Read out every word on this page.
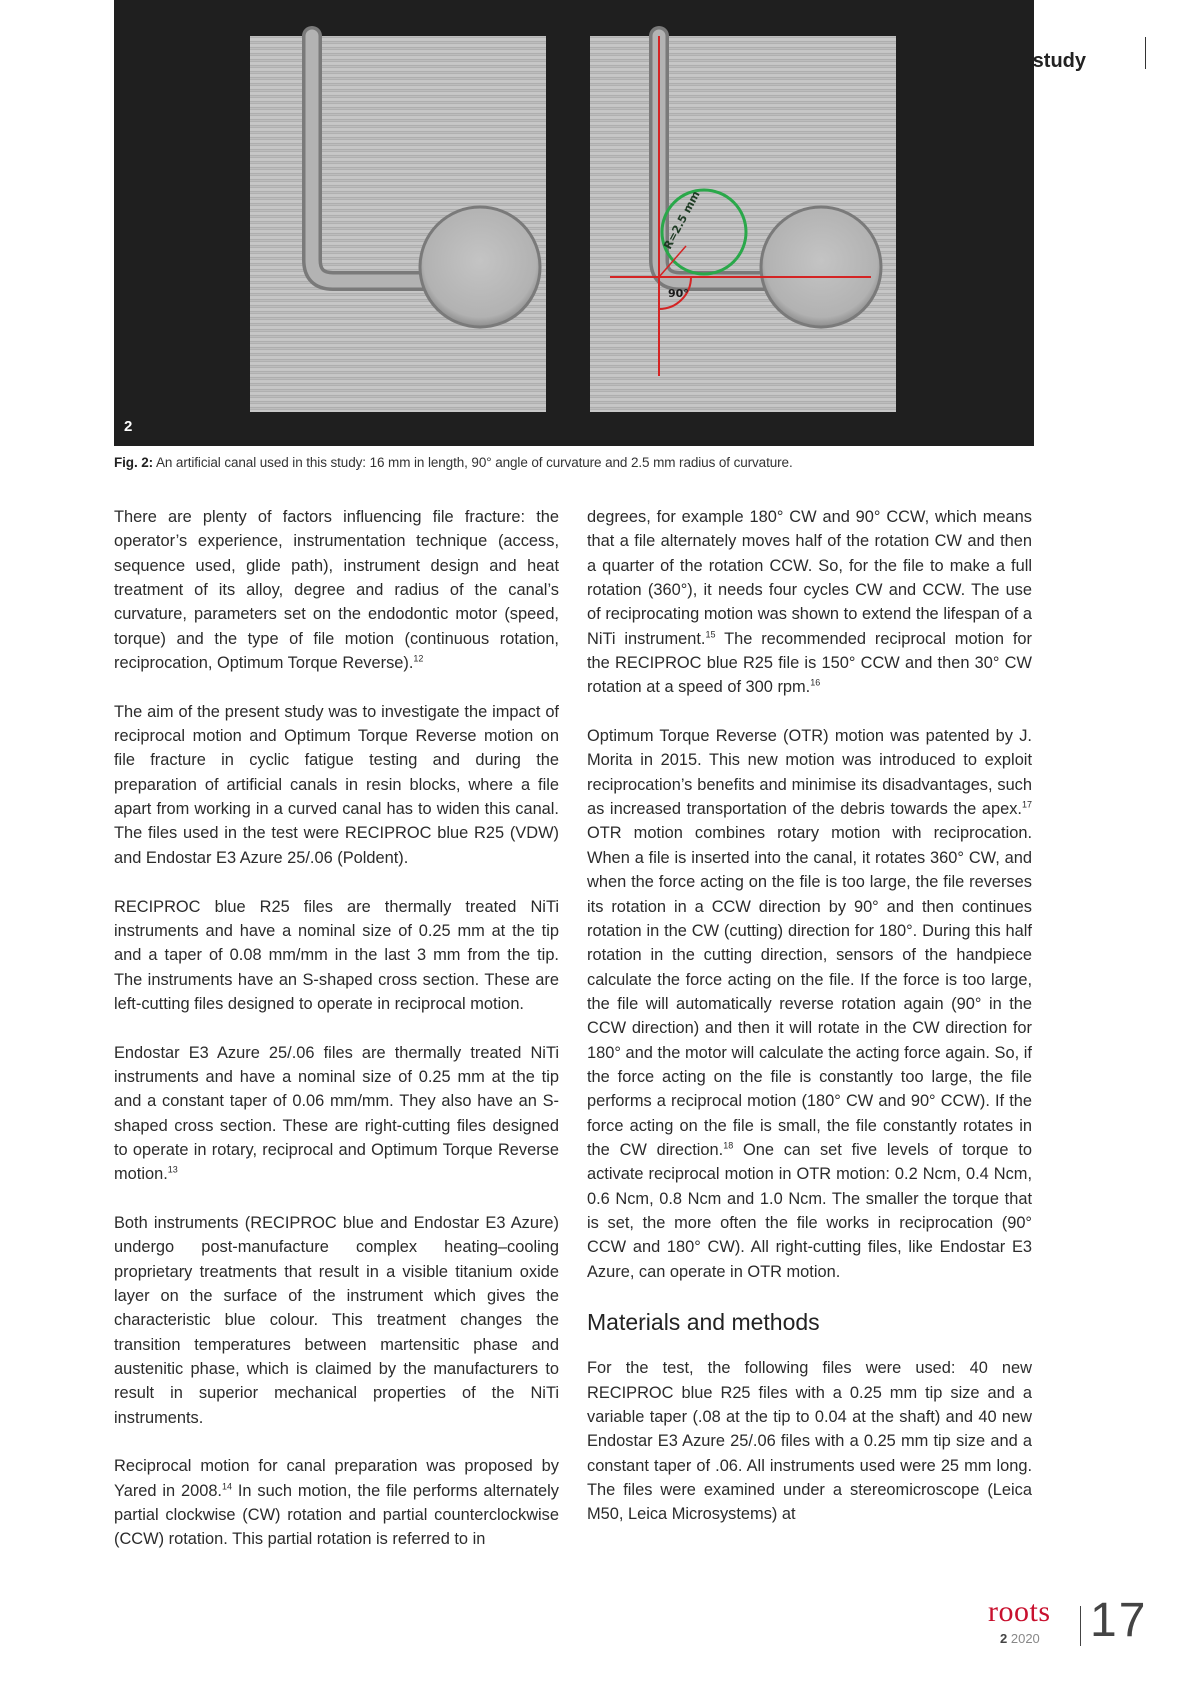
R=2.5 mm
90°
2
study
Fig. 2: An artificial canal used in this study: 16 mm in length, 90° angle of curvature and 2.5 mm radius of curvature.

There are plenty of factors influencing file fracture: the operator’s experience, instrumentation technique (access, sequence used, glide path), instrument design and heat treatment of its alloy, degree and radius of the canal’s curvature, parameters set on the endodontic motor (speed, torque) and the type of file motion (continuous rotation, reciprocation, Optimum Torque Reverse).$^{12}$

The aim of the present study was to investigate the impact of reciprocal motion and Optimum Torque Reverse motion on file fracture in cyclic fatigue testing and during the preparation of artificial canals in resin blocks, where a file apart from working in a curved canal has to widen this canal. The files used in the test were RECIPROC blue R25 (VDW) and Endostar E3 Azure 25/.06 (Poldent).

RECIPROC blue R25 files are thermally treated NiTi instruments and have a nominal size of 0.25 mm at the tip and a taper of 0.08 mm/mm in the last 3 mm from the tip. The instruments have an S-shaped cross section. These are left-cutting files designed to operate in reciprocal motion.

Endostar E3 Azure 25/.06 files are thermally treated NiTi instruments and have a nominal size of 0.25 mm at the tip and a constant taper of 0.06 mm/mm. They also have an S-shaped cross section. These are right-cutting files designed to operate in rotary, reciprocal and Optimum Torque Reverse motion.$^{13}$

Both instruments (RECIPROC blue and Endostar E3 Azure) undergo post-manufacture complex heating–cooling proprietary treatments that result in a visible titanium oxide layer on the surface of the instrument which gives the characteristic blue colour. This treatment changes the transition temperatures between martensitic phase and austenitic phase, which is claimed by the manufacturers to result in superior mechanical properties of the NiTi instruments.

Reciprocal motion for canal preparation was proposed by Yared in 2008.14 In such motion, the file performs alternately partial clockwise (CW) rotation and partial counterclockwise (CCW) rotation. This partial rotation is referred to in

degrees, for example 180° CW and 90° CCW, which means that a file alternately moves half of the rotation CW and then a quarter of the rotation CCW. So, for the file to make a full rotation (360°), it needs four cycles CW and CCW. The use of reciprocating motion was shown to extend the lifespan of a NiTi instrument.$^{15}$ The recommended reciprocal motion for the RECIPROC blue R25 file is 150° CCW and then 30° CW rotation at a speed of 300 rpm.$^{16}$

Optimum Torque Reverse (OTR) motion was patented by J. Morita in 2015. This new motion was introduced to exploit reciprocation’s benefits and minimise its disadvantages, such as increased transportation of the debris towards the apex.$^{17}$ OTR motion combines rotary motion with reciprocation. When a file is inserted into the canal, it rotates 360° CW, and when the force acting on the file is too large, the file reverses its rotation in a CCW direction by 90° and then continues rotation in the CW (cutting) direction for 180°. During this half rotation in the cutting direction, sensors of the handpiece calculate the force acting on the file. If the force is too large, the file will automatically reverse rotation again (90° in the CCW direction) and then it will rotate in the CW direction for 180° and the motor will calculate the acting force again. So, if the force acting on the file is constantly too large, the file performs a reciprocal motion (180° CW and 90° CCW). If the force acting on the file is small, the file constantly rotates in the CW direction.$^{18}$ One can set five levels of torque to activate reciprocal motion in OTR motion: 0.2 Ncm, 0.4 Ncm, 0.6 Ncm, 0.8 Ncm and 1.0 Ncm. The smaller the torque that is set, the more often the file works in reciprocation (90° CCW and 180° CW). All right-cutting files, like Endostar E3 Azure, can operate in OTR motion.

Materials and methods

For the test, the following files were used: 40 new RECIPROC blue R25 files with a 0.25 mm tip size and a variable taper (.08 at the tip to 0.04 at the shaft) and 40 new Endostar E3 Azure 25/.06 files with a 0.25 mm tip size and a constant taper of .06. All instruments used were 25 mm long. The files were examined under a stereomicroscope (Leica M50, Leica Microsystems) at

roots
2 2020 17
